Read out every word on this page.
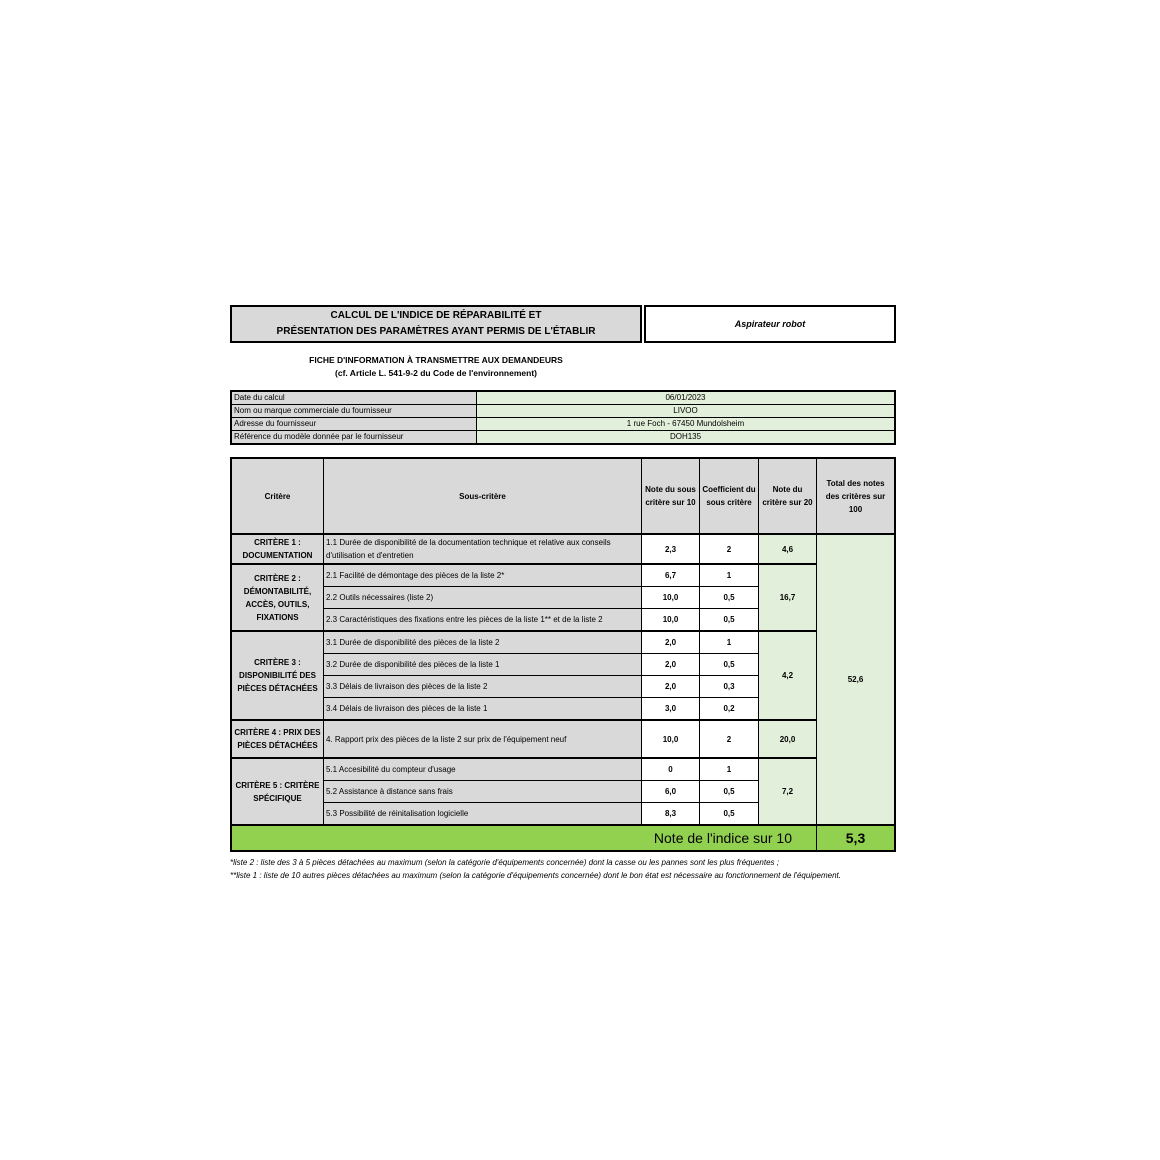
CALCUL DE L'INDICE DE RÉPARABILITÉ ET
PRÉSENTATION DES PARAMÈTRES AYANT PERMIS DE L'ÉTABLIR
Aspirateur robot
FICHE D'INFORMATION À TRANSMETTRE AUX DEMANDEURS
(cf. Article L. 541-9-2 du Code de l'environnement)
Date du calcul	06/01/2023
Nom ou marque commerciale du fournisseur	LIVOO
Adresse du fournisseur	1 rue Foch - 67450 Mundolsheim
Référence du modèle donnée par le fournisseur	DOH135
Critère	Sous-critère	Note du sous critère sur 10	Coefficient du sous critère	Note du critère sur 20	Total des notes des critères sur 100
CRITÈRE 1 : DOCUMENTATION	1.1 Durée de disponibilité de la documentation technique et relative aux conseils d'utilisation et d'entretien	2,3	2	4,6	52,6
CRITÈRE 2 : DÉMONTABILITÉ, ACCÈS, OUTILS, FIXATIONS	2.1 Facilité de démontage des pièces de la liste 2*	6,7	1	16,7	
	2.2 Outils nécessaires (liste 2)	10,0	0,5		
	2.3 Caractéristiques des fixations entre les pièces de la liste 1** et de la liste 2	10,0	0,5		
CRITÈRE 3 : DISPONIBILITÉ DES PIÈCES DÉTACHÉES	3.1 Durée de disponibilité des pièces de la liste 2	2,0	1	4,2	
	3.2 Durée de disponibilité des pièces de la liste 1	2,0	0,5		
	3.3 Délais de livraison des pièces de la liste 2	2,0	0,3		
	3.4 Délais de livraison des pièces de la liste 1	3,0	0,2		
CRITÈRE 4 : PRIX DES PIÈCES DÉTACHÉES	4. Rapport prix des pièces de la liste 2 sur prix de l'équipement neuf	10,0	2	20,0	
CRITÈRE 5 : CRITÈRE SPÉCIFIQUE	5.1 Accesibilité du compteur d'usage	0	1	7,2	
	5.2 Assistance à distance sans frais	6,0	0,5		
	5.3 Possibilité de réinitalisation logicielle	8,3	0,5		
Note de l'indice sur 10					5,3
*liste 2 : liste des 3 à 5 pièces détachées au maximum (selon la catégorie d'équipements concernée) dont la casse ou les pannes sont les plus fréquentes ;
**liste 1 : liste de 10 autres pièces détachées au maximum (selon la catégorie d'équipements concernée) dont le bon état est nécessaire au fonctionnement de l'équipement.
